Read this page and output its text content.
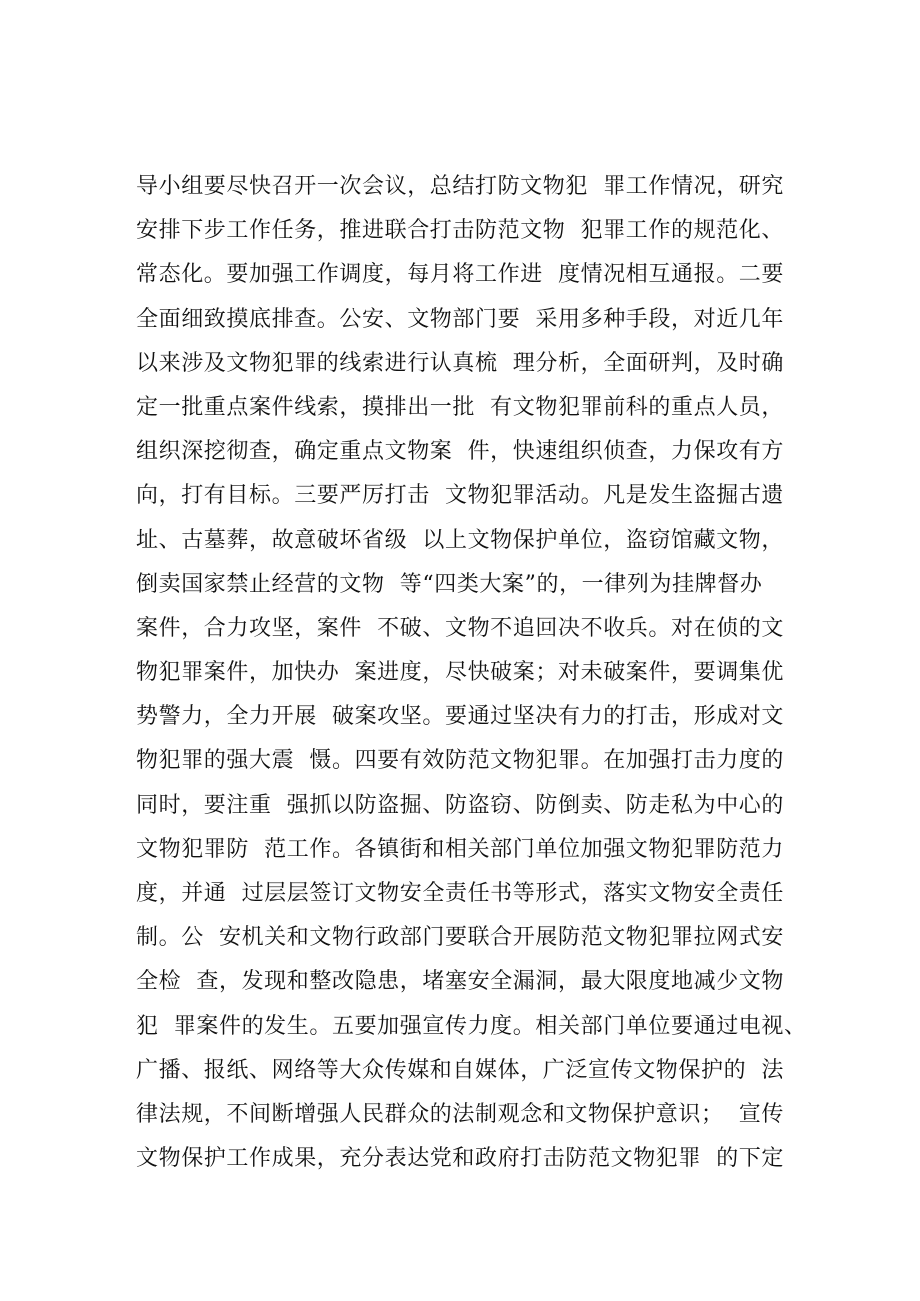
导小组要尽快召开一次会议，总结打防文物犯  罪工作情况，研究
安排下步工作任务，推进联合打击防范文物  犯罪工作的规范化、
常态化。要加强工作调度，每月将工作进  度情况相互通报。二要
全面细致摸底排查。公安、文物部门要  采用多种手段，对近几年
以来涉及文物犯罪的线索进行认真梳  理分析，全面研判，及时确
定一批重点案件线索，摸排出一批  有文物犯罪前科的重点人员，
组织深挖彻查，确定重点文物案  件，快速组织侦查，力保攻有方
向，打有目标。三要严厉打击  文物犯罪活动。凡是发生盗掘古遗
址、古墓葬，故意破坏省级  以上文物保护单位，盗窃馆藏文物，
倒卖国家禁止经营的文物  等“四类大案”的，一律列为挂牌督办
案件，合力攻坚，案件  不破、文物不追回决不收兵。对在侦的文
物犯罪案件，加快办  案进度，尽快破案；对未破案件，要调集优
势警力，全力开展  破案攻坚。要通过坚决有力的打击，形成对文
物犯罪的强大震  慑。四要有效防范文物犯罪。在加强打击力度的
同时，要注重  强抓以防盗掘、防盗窃、防倒卖、防走私为中心的
文物犯罪防  范工作。各镇街和相关部门单位加强文物犯罪防范力
度，并通  过层层签订文物安全责任书等形式，落实文物安全责任
制。公  安机关和文物行政部门要联合开展防范文物犯罪拉网式安
全检  查，发现和整改隐患，堵塞安全漏洞，最大限度地减少文物
犯  罪案件的发生。五要加强宣传力度。相关部门单位要通过电视、
广播、报纸、网络等大众传媒和自媒体，广泛宣传文物保护的  法
律法规，不间断增强人民群众的法制观念和文物保护意识；  宣传
文物保护工作成果，充分表达党和政府打击防范文物犯罪  的下定
